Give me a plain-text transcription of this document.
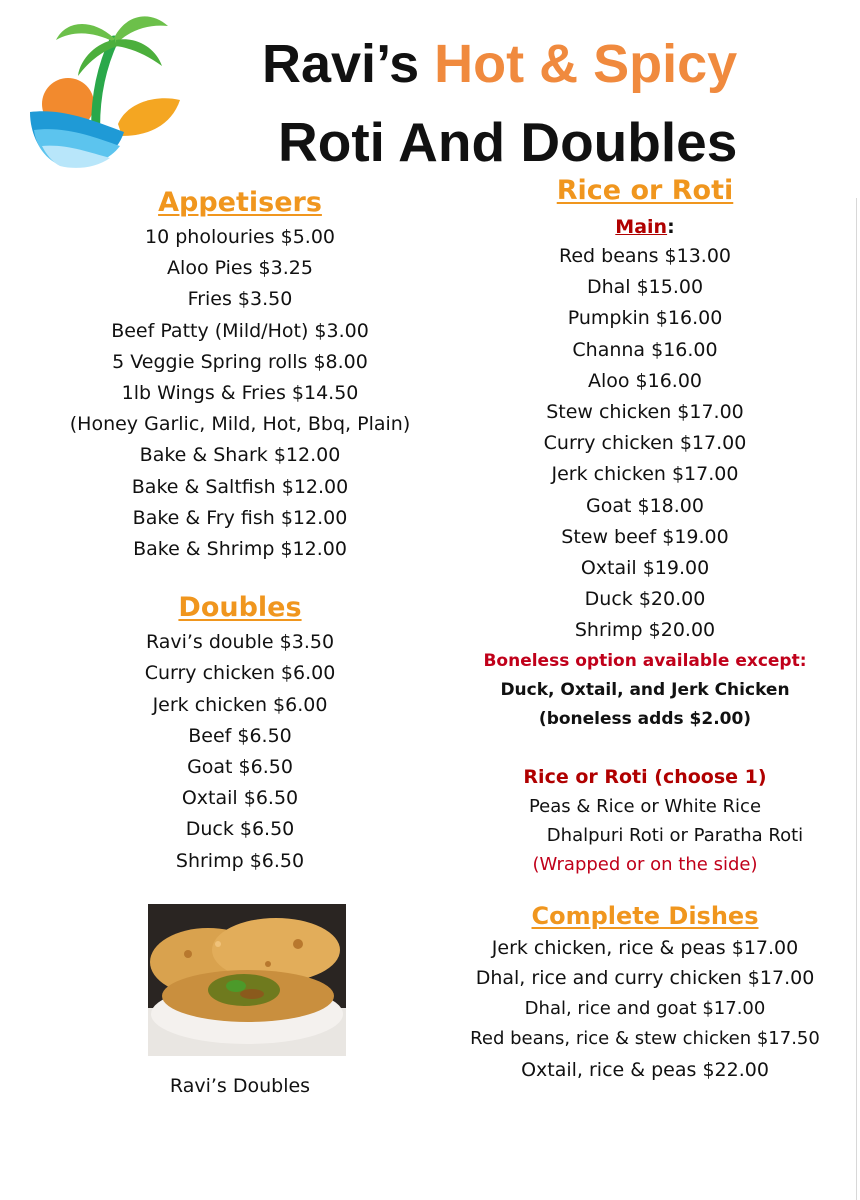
Ravi’s Hot & Spicy
Roti And Doubles
Appetisers
10 pholouries $5.00
Aloo Pies $3.25
Fries $3.50
Beef Patty (Mild/Hot) $3.00
5 Veggie Spring rolls $8.00
1lb Wings & Fries $14.50
(Honey Garlic, Mild, Hot, Bbq, Plain)
Bake & Shark $12.00
Bake & Saltfish $12.00
Bake & Fry fish $12.00
Bake & Shrimp $12.00
Doubles
Ravi’s double $3.50
Curry chicken $6.00
Jerk chicken $6.00
Beef $6.50
Goat $6.50
Oxtail $6.50
Duck $6.50
Shrimp $6.50
Ravi’s Doubles
Rice or Roti
Main:
Red beans $13.00
Dhal $15.00
Pumpkin $16.00
Channa $16.00
Aloo $16.00
Stew chicken $17.00
Curry chicken $17.00
Jerk chicken $17.00
Goat $18.00
Stew beef $19.00
Oxtail $19.00
Duck $20.00
Shrimp $20.00
Boneless option available except:
Duck, Oxtail, and Jerk Chicken
(boneless adds $2.00)
Rice or Roti (choose 1)
Peas & Rice or White Rice
Dhalpuri Roti or Paratha Roti
(Wrapped or on the side)
Complete Dishes
Jerk chicken, rice & peas $17.00
Dhal, rice and curry chicken $17.00
Dhal, rice and goat $17.00
Red beans, rice & stew chicken $17.50
Oxtail, rice & peas $22.00
